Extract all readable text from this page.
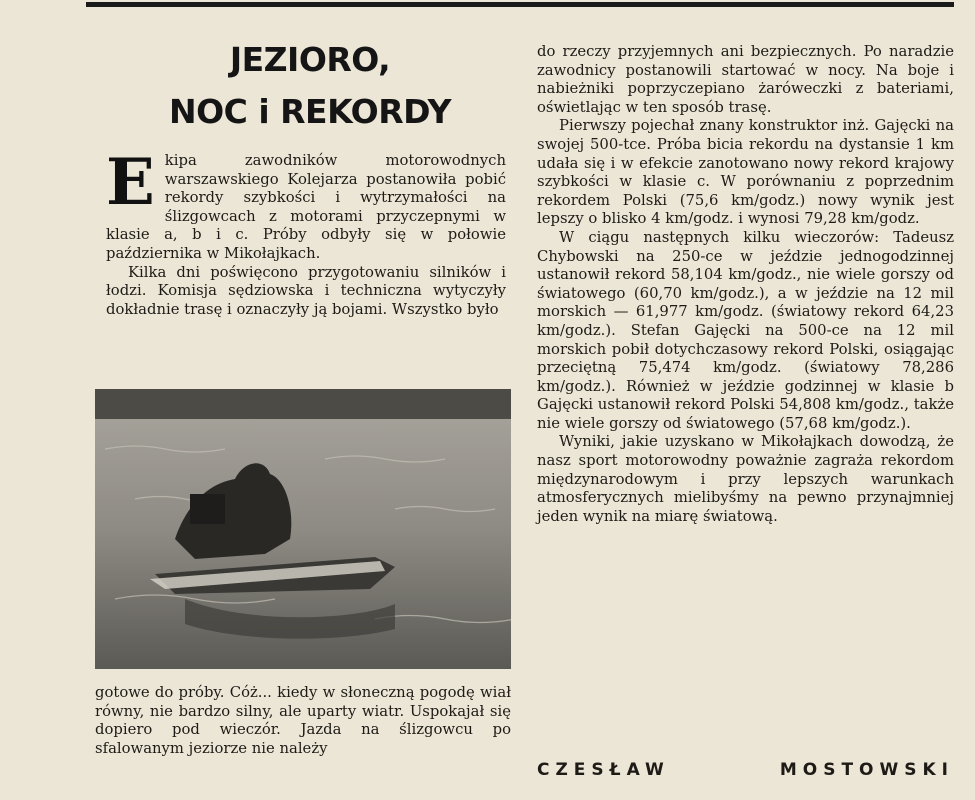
JEZIORO,
NOC i REKORDY

Ekipa zawodników motorowodnych warszawskiego Kolejarza postanowiła pobić rekordy szybkości i wytrzymałości na ślizgowcach z motorami przyczepnymi w klasie a, b i c. Próby odbyły się w połowie października w Mikołajkach.

Kilka dni poświęcono przygotowaniu silników i łodzi. Komisja sędziowska i techniczna wytyczyły dokładnie trasę i oznaczyły ją bojami. Wszystko było

gotowe do próby. Cóż... kiedy w słoneczną pogodę wiał równy, nie bardzo silny, ale uparty wiatr. Uspokajał się dopiero pod wieczór. Jazda na ślizgowcu po sfalowanym jeziorze nie należy

do rzeczy przyjemnych ani bezpiecznych. Po naradzie zawodnicy postanowili startować w nocy. Na boje i nabieżniki poprzyczepiano żaróweczki z bateriami, oświetlając w ten sposób trasę.

Pierwszy pojechał znany konstruktor inż. Gajęcki na swojej 500-tce. Próba bicia rekordu na dystansie 1 km udała się i w efekcie zanotowano nowy rekord krajowy szybkości w klasie c. W porównaniu z poprzednim rekordem Polski (75,6 km/godz.) nowy wynik jest lepszy o blisko 4 km/godz. i wynosi 79,28 km/godz.

W ciągu następnych kilku wieczorów: Tadeusz Chybowski na 250-ce w jeździe jednogodzinnej ustanowił rekord 58,104 km/godz., nie wiele gorszy od światowego (60,70 km/godz.), a w jeździe na 12 mil morskich — 61,977 km/godz. (światowy rekord 64,23 km/godz.). Stefan Gajęcki na 500-ce na 12 mil morskich pobił dotychczasowy rekord Polski, osiągając przeciętną 75,474 km/godz. (światowy 78,286 km/godz.). Również w jeździe godzinnej w klasie b Gajęcki ustanowił rekord Polski 54,808 km/godz., także nie wiele gorszy od światowego (57,68 km/godz.).

Wyniki, jakie uzyskano w Mikołajkach dowodzą, że nasz sport motorowodny poważnie zagraża rekordom międzynarodowym i przy lepszych warunkach atmosferycznych mielibyśmy na pewno przynajmniej jeden wynik na miarę światową.

CZESŁAW	MOSTOWSKI
